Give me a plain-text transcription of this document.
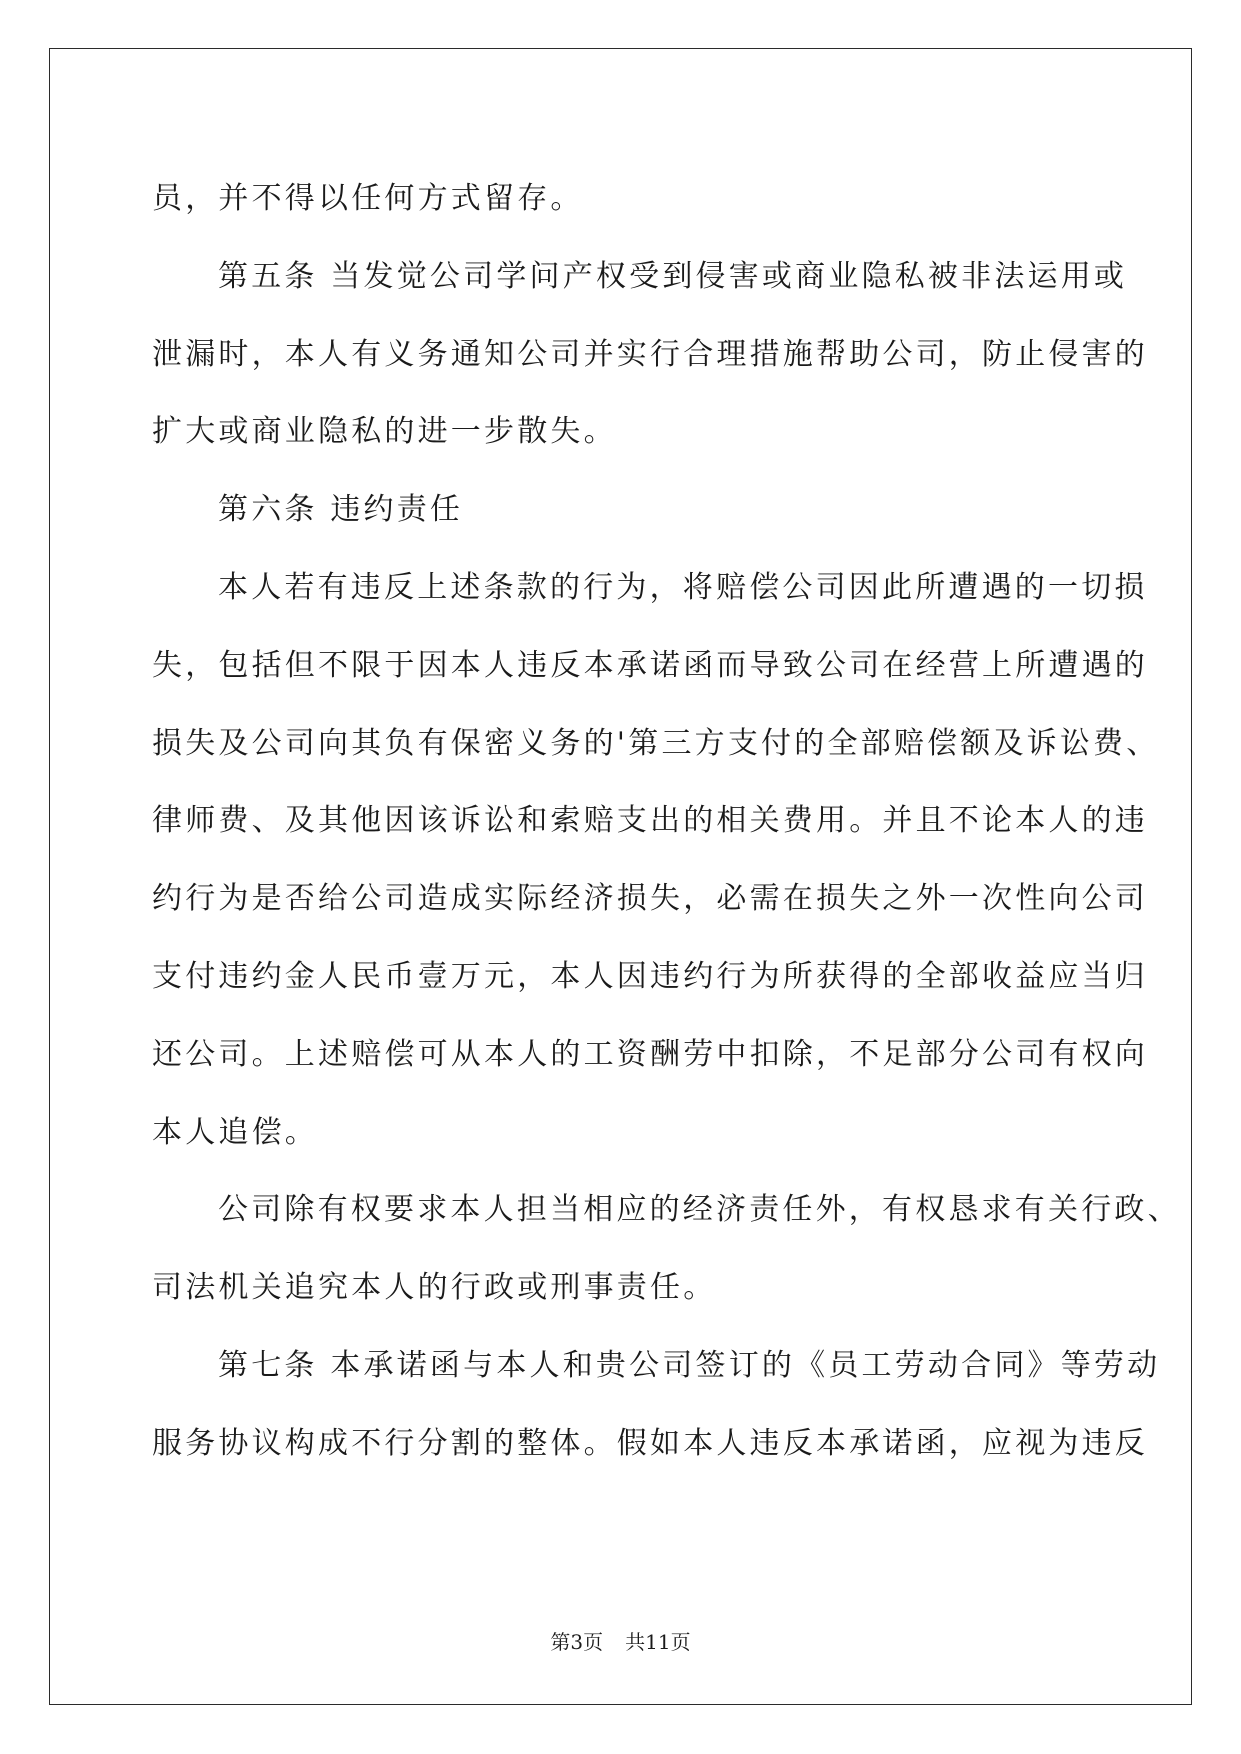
员，并不得以任何方式留存。
第五条 当发觉公司学问产权受到侵害或商业隐私被非法运用或
泄漏时，本人有义务通知公司并实行合理措施帮助公司，防止侵害的
扩大或商业隐私的进一步散失。
第六条 违约责任
本人若有违反上述条款的行为，将赔偿公司因此所遭遇的一切损
失，包括但不限于因本人违反本承诺函而导致公司在经营上所遭遇的
损失及公司向其负有保密义务的'第三方支付的全部赔偿额及诉讼费、
律师费、及其他因该诉讼和索赔支出的相关费用。并且不论本人的违
约行为是否给公司造成实际经济损失，必需在损失之外一次性向公司
支付违约金人民币壹万元，本人因违约行为所获得的全部收益应当归
还公司。上述赔偿可从本人的工资酬劳中扣除，不足部分公司有权向
本人追偿。
公司除有权要求本人担当相应的经济责任外，有权恳求有关行政、
司法机关追究本人的行政或刑事责任。
第七条 本承诺函与本人和贵公司签订的《员工劳动合同》等劳动
服务协议构成不行分割的整体。假如本人违反本承诺函，应视为违反
第3页 共11页
